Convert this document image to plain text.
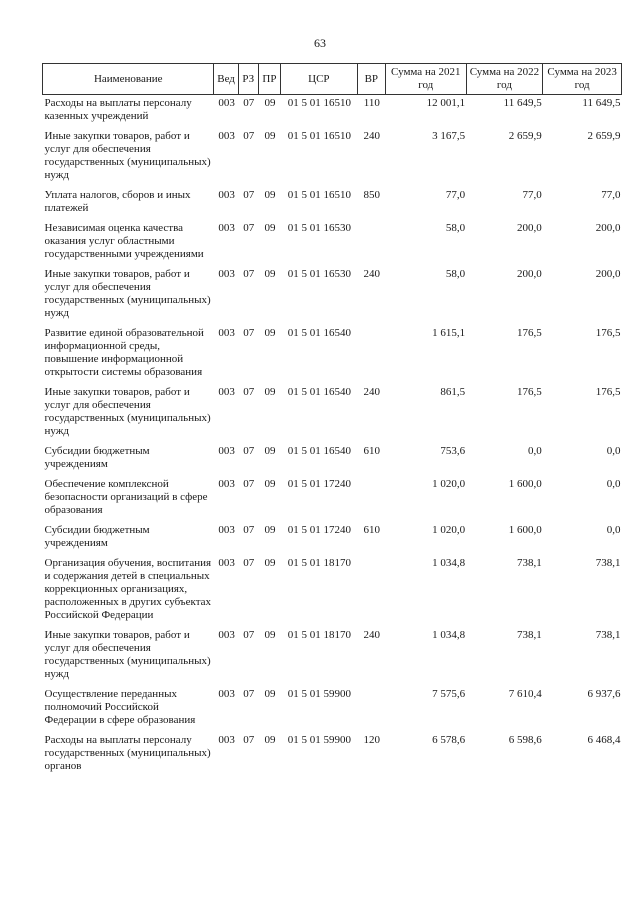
63
Наименование	Вед	РЗ	ПР	ЦСР	ВР	Сумма на 2021 год	Сумма на 2022 год	Сумма на 2023 год
Расходы на выплаты персоналу казенных учреждений	003	07	09	01 5 01 16510	110	12 001,1	11 649,5	11 649,5
Иные закупки товаров, работ и услуг для обеспечения государственных (муниципальных) нужд	003	07	09	01 5 01 16510	240	3 167,5	2 659,9	2 659,9
Уплата налогов, сборов и иных платежей	003	07	09	01 5 01 16510	850	77,0	77,0	77,0
Независимая оценка качества оказания услуг областными государственными учреждениями	003	07	09	01 5 01 16530		58,0	200,0	200,0
Иные закупки товаров, работ и услуг для обеспечения государственных (муниципальных) нужд	003	07	09	01 5 01 16530	240	58,0	200,0	200,0
Развитие единой образовательной информационной среды, повышение информационной открытости системы образования	003	07	09	01 5 01 16540		1 615,1	176,5	176,5
Иные закупки товаров, работ и услуг для обеспечения государственных (муниципальных) нужд	003	07	09	01 5 01 16540	240	861,5	176,5	176,5
Субсидии бюджетным учреждениям	003	07	09	01 5 01 16540	610	753,6	0,0	0,0
Обеспечение комплексной безопасности организаций в сфере образования	003	07	09	01 5 01 17240		1 020,0	1 600,0	0,0
Субсидии бюджетным учреждениям	003	07	09	01 5 01 17240	610	1 020,0	1 600,0	0,0
Организация обучения, воспитания и содержания детей в специальных коррекционных организациях, расположенных в других субъектах Российской Федерации	003	07	09	01 5 01 18170		1 034,8	738,1	738,1
Иные закупки товаров, работ и услуг для обеспечения государственных (муниципальных) нужд	003	07	09	01 5 01 18170	240	1 034,8	738,1	738,1
Осуществление переданных полномочий Российской Федерации в сфере образования	003	07	09	01 5 01 59900		7 575,6	7 610,4	6 937,6
Расходы на выплаты персоналу государственных (муниципальных) органов	003	07	09	01 5 01 59900	120	6 578,6	6 598,6	6 468,4
